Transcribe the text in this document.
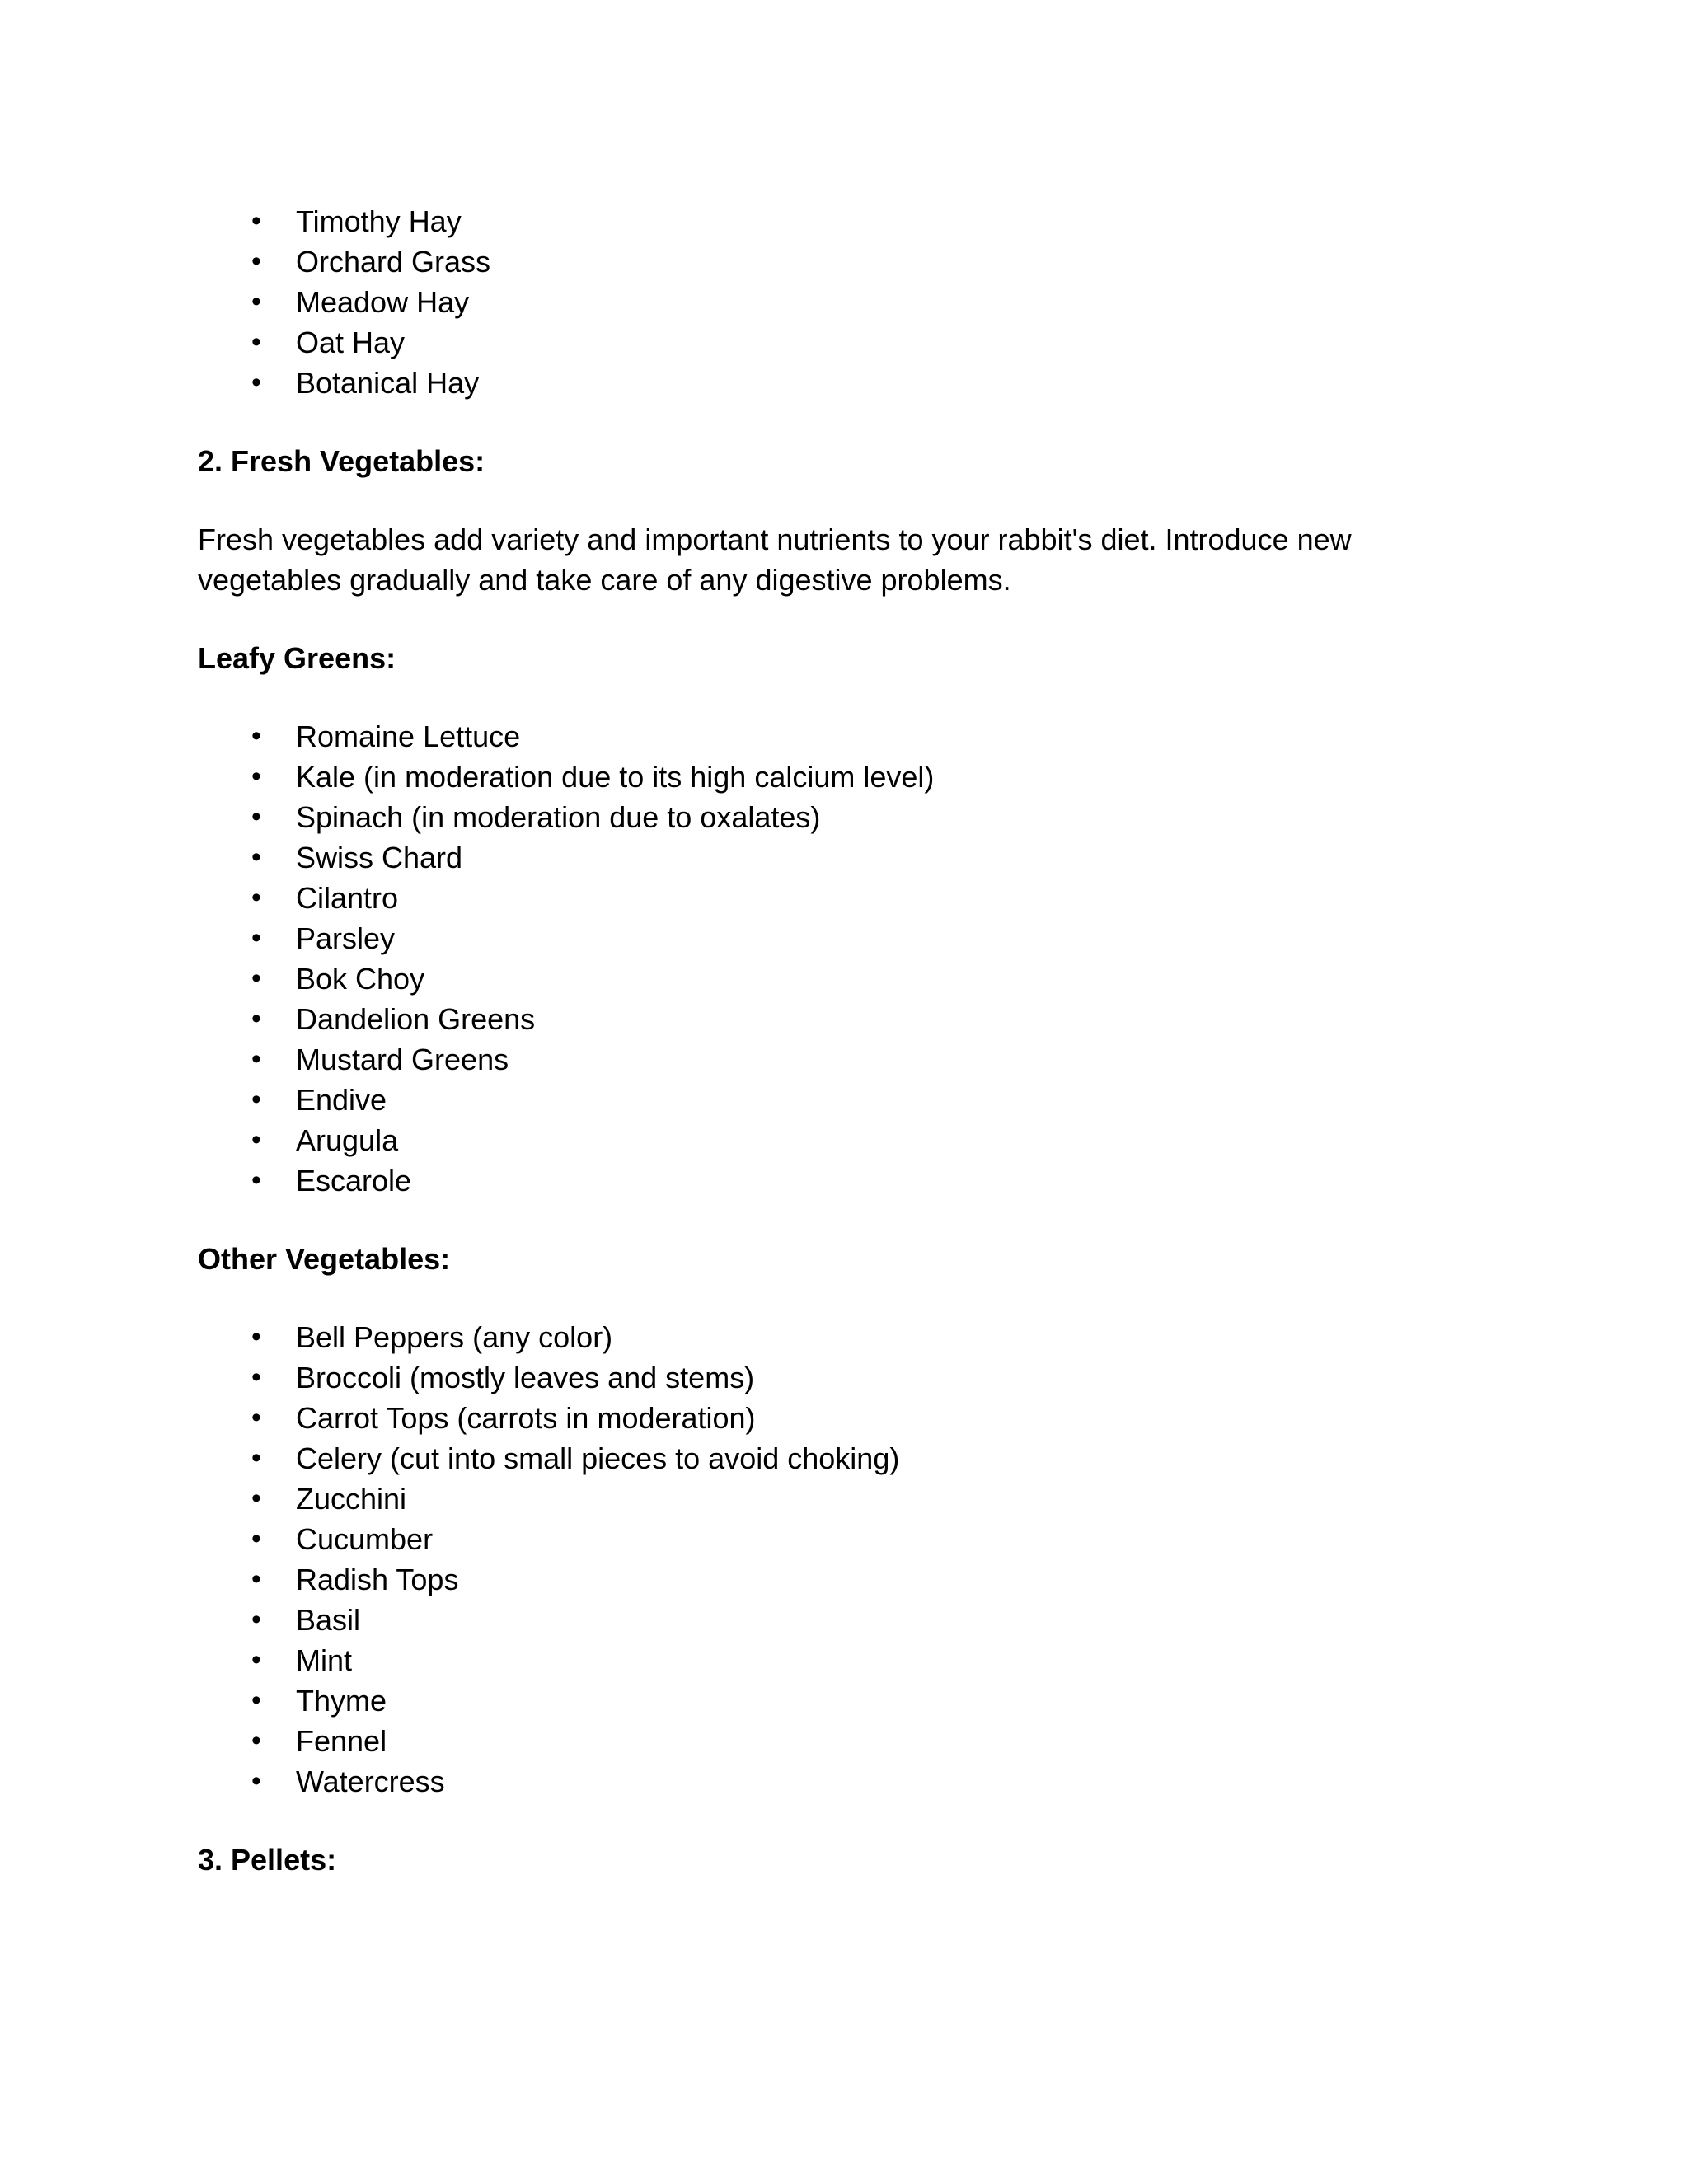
• Timothy Hay
• Orchard Grass
• Meadow Hay
• Oat Hay
• Botanical Hay

2. Fresh Vegetables:

Fresh vegetables add variety and important nutrients to your rabbit's diet. Introduce new vegetables gradually and take care of any digestive problems.

Leafy Greens:

• Romaine Lettuce
• Kale (in moderation due to its high calcium level)
• Spinach (in moderation due to oxalates)
• Swiss Chard
• Cilantro
• Parsley
• Bok Choy
• Dandelion Greens
• Mustard Greens
• Endive
• Arugula
• Escarole

Other Vegetables:

• Bell Peppers (any color)
• Broccoli (mostly leaves and stems)
• Carrot Tops (carrots in moderation)
• Celery (cut into small pieces to avoid choking)
• Zucchini
• Cucumber
• Radish Tops
• Basil
• Mint
• Thyme
• Fennel
• Watercress

3. Pellets:
